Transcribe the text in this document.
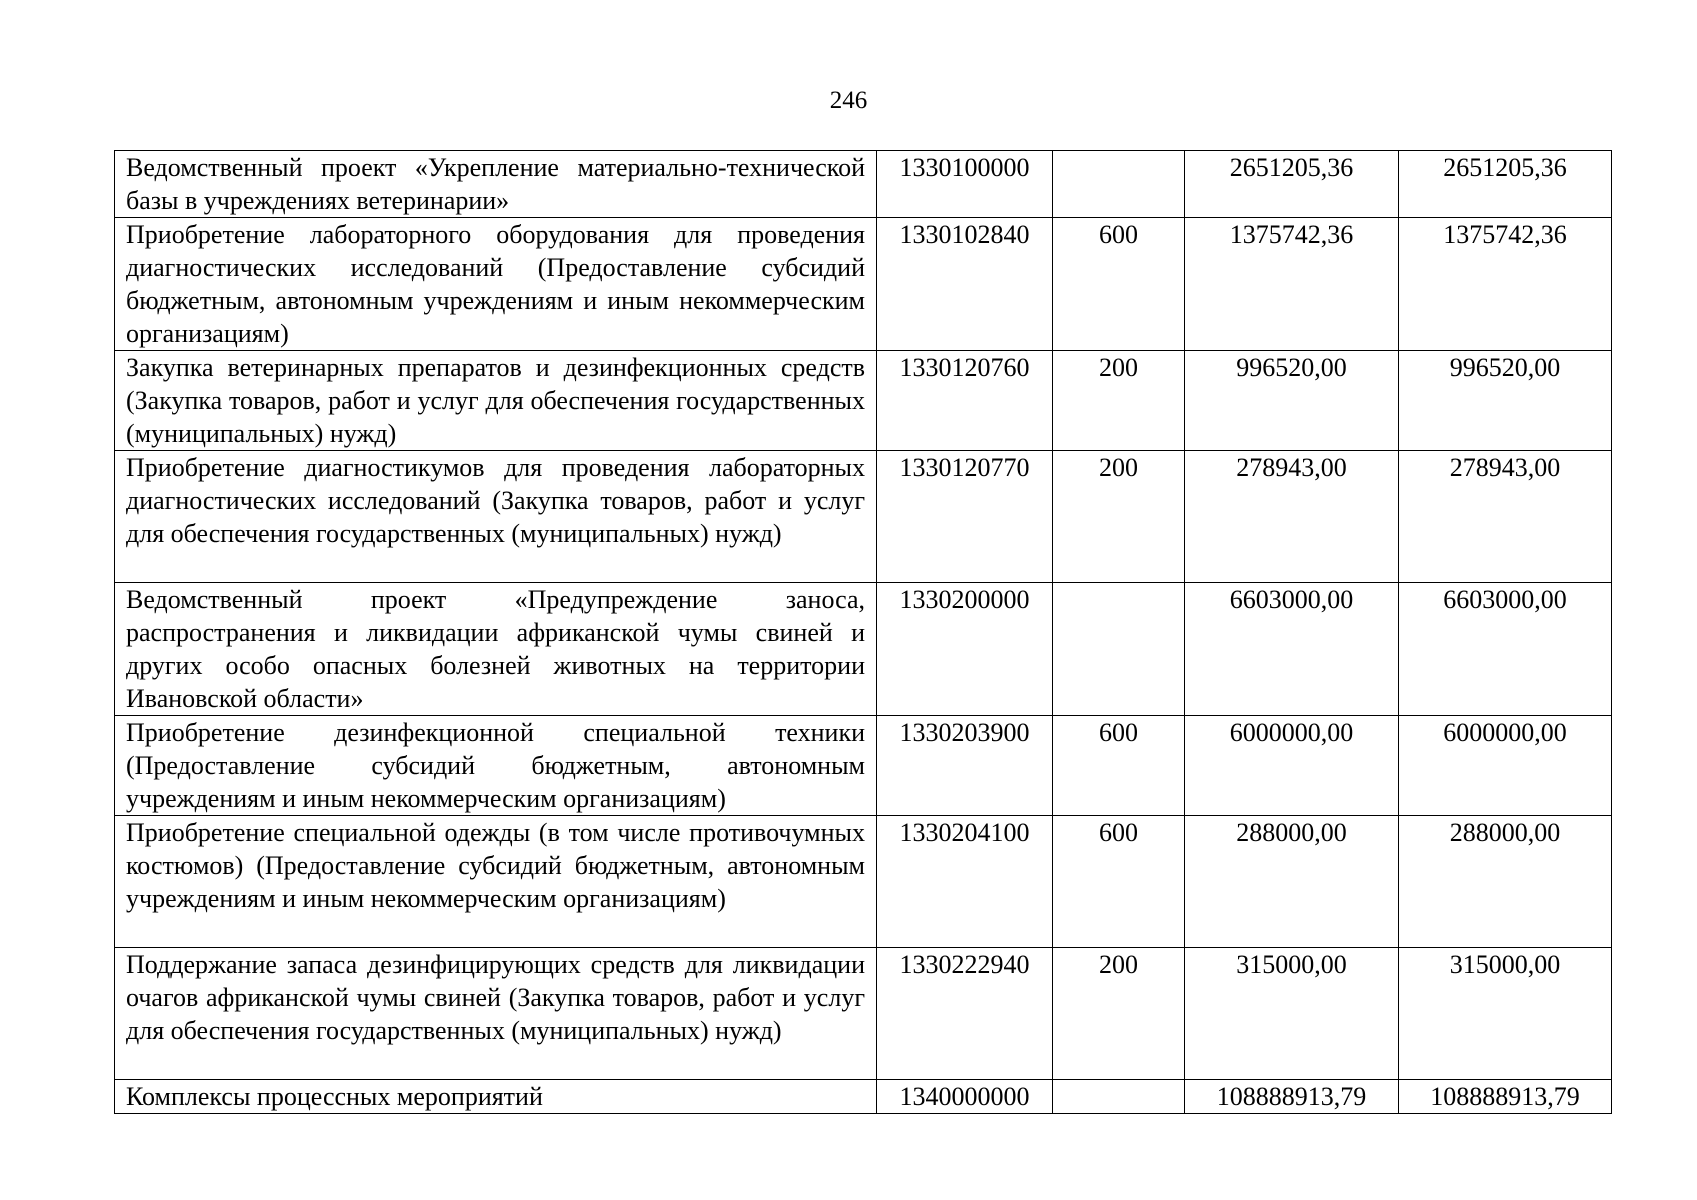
246
Ведомственный проект «Укрепление материально-технической базы в учреждениях ветеринарии»	1330100000		2651205,36	2651205,36
Приобретение лабораторного оборудования для проведения диагностических исследований (Предоставление субсидий бюджетным, автономным учреждениям и иным некоммерческим организациям)	1330102840	600	1375742,36	1375742,36
Закупка ветеринарных препаратов и дезинфекционных средств (Закупка товаров, работ и услуг для обеспечения государственных (муниципальных) нужд)	1330120760	200	996520,00	996520,00
Приобретение диагностикумов для проведения лабораторных диагностических исследований (Закупка товаров, работ и услуг для обеспечения государственных (муниципальных) нужд)	1330120770	200	278943,00	278943,00
Ведомственный проект «Предупреждение заноса, распространения и ликвидации африканской чумы свиней и других особо опасных болезней животных на территории Ивановской области»	1330200000		6603000,00	6603000,00
Приобретение дезинфекционной специальной техники (Предоставление субсидий бюджетным, автономным учреждениям и иным некоммерческим организациям)	1330203900	600	6000000,00	6000000,00
Приобретение специальной одежды (в том числе противочумных костюмов) (Предоставление субсидий бюджетным, автономным учреждениям и иным некоммерческим организациям)	1330204100	600	288000,00	288000,00
Поддержание запаса дезинфицирующих средств для ликвидации очагов африканской чумы свиней (Закупка товаров, работ и услуг для обеспечения государственных (муниципальных) нужд)	1330222940	200	315000,00	315000,00
Комплексы процессных мероприятий	1340000000		108888913,79	108888913,79
